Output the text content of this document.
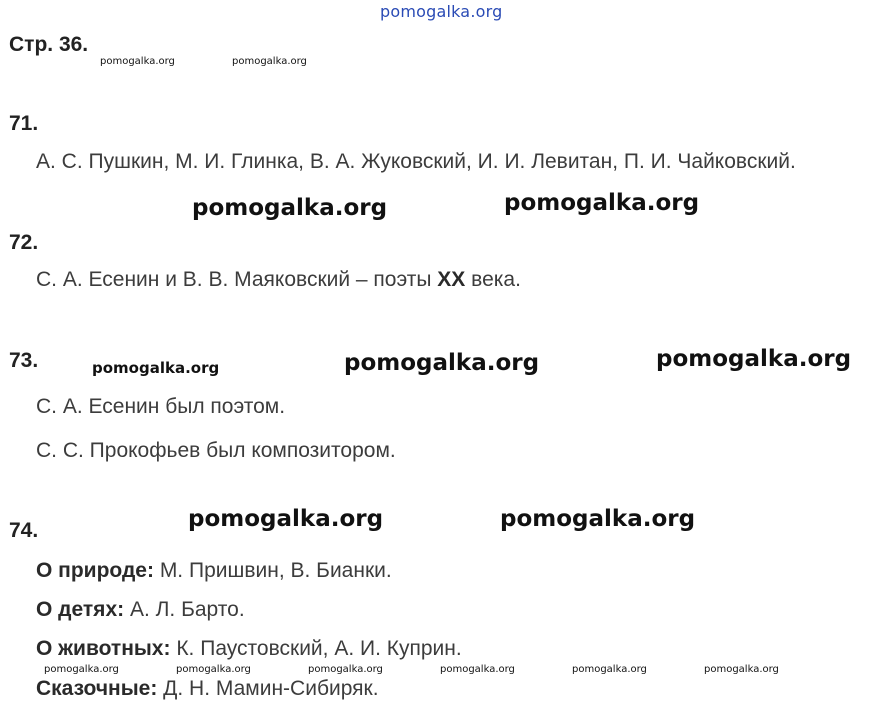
pomogalka.org
Стр. 36.
pomogalka.org	pomogalka.org
71.
А. С. Пушкин, М. И. Глинка, В. А. Жуковский, И. И. Левитан, П. И. Чайковский.
pomogalka.org	pomogalka.org
72.
С. А. Есенин и В. В. Маяковский – поэты XX века.
73.	pomogalka.org	pomogalka.org	pomogalka.org
С. А. Есенин был поэтом.
С. С. Прокофьев был композитором.
pomogalka.org	pomogalka.org
74.
О природе: М. Пришвин, В. Бианки.
О детях: А. Л. Барто.
О животных: К. Паустовский, А. И. Куприн.
pomogalka.org	pomogalka.org	pomogalka.org	pomogalka.org	pomogalka.org	pomogalka.org
Сказочные: Д. Н. Мамин-Сибиряк.
